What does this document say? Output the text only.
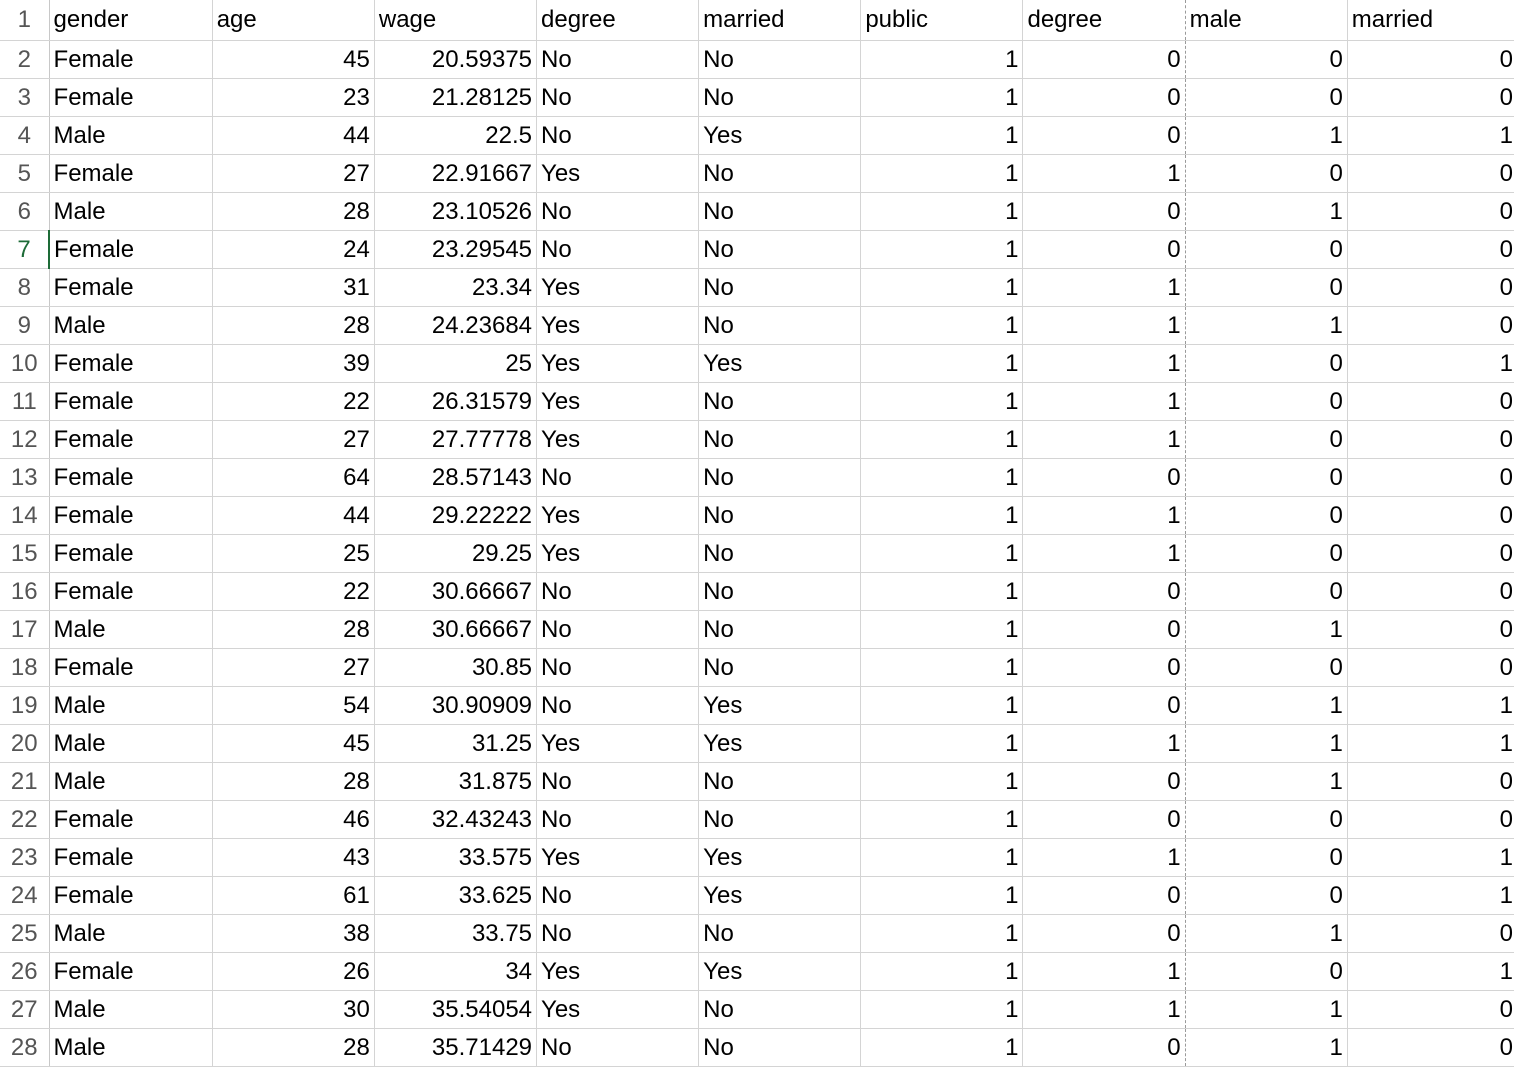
1	gender	age	wage	degree	married	public	degree	male	married
2	Female	45	20.59375	No	No	1	0	0	0
3	Female	23	21.28125	No	No	1	0	0	0
4	Male	44	22.5	No	Yes	1	0	1	1
5	Female	27	22.91667	Yes	No	1	1	0	0
6	Male	28	23.10526	No	No	1	0	1	0
7	Female	24	23.29545	No	No	1	0	0	0
8	Female	31	23.34	Yes	No	1	1	0	0
9	Male	28	24.23684	Yes	No	1	1	1	0
10	Female	39	25	Yes	Yes	1	1	0	1
11	Female	22	26.31579	Yes	No	1	1	0	0
12	Female	27	27.77778	Yes	No	1	1	0	0
13	Female	64	28.57143	No	No	1	0	0	0
14	Female	44	29.22222	Yes	No	1	1	0	0
15	Female	25	29.25	Yes	No	1	1	0	0
16	Female	22	30.66667	No	No	1	0	0	0
17	Male	28	30.66667	No	No	1	0	1	0
18	Female	27	30.85	No	No	1	0	0	0
19	Male	54	30.90909	No	Yes	1	0	1	1
20	Male	45	31.25	Yes	Yes	1	1	1	1
21	Male	28	31.875	No	No	1	0	1	0
22	Female	46	32.43243	No	No	1	0	0	0
23	Female	43	33.575	Yes	Yes	1	1	0	1
24	Female	61	33.625	No	Yes	1	0	0	1
25	Male	38	33.75	No	No	1	0	1	0
26	Female	26	34	Yes	Yes	1	1	0	1
27	Male	30	35.54054	Yes	No	1	1	1	0
28	Male	28	35.71429	No	No	1	0	1	0
